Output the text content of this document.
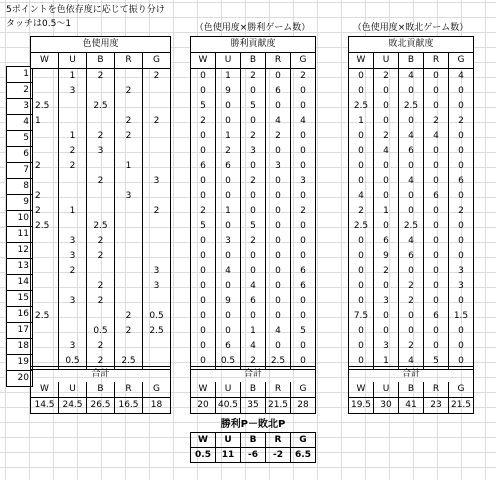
5ポイントを色依存度に応じて振り分け
タッチは0.5～1	（色使用度×勝利ゲーム数）	（色使用度×敗北ゲーム数）
1
2
3
4
5
6
7
8
9
10
11
12
13
14
15
16
17
18
19
20
色使用度				
W	U	B	R	G
	1	2		2
	3		2	
2.5		2.5		
1			2	2
	1	2	2	
	2	3		
2	2		1	
		2		3
2			3	
2	1			2
2.5		2.5		
	3	2		
	3	2		
	2			3
		2		3
	3	2		
2.5			2	0.5
		0.5	2	2.5
	3	2		
	0.5	2	2.5	
勝利貢献度				
W	U	B	R	G
0	1	2	0	2
0	9	0	6	0
5	0	5	0	0
2	0	0	4	4
0	1	2	2	0
0	2	3	0	0
6	6	0	3	0
0	0	2	0	3
0	0	0	0	0
2	1	0	0	2
5	0	5	0	0
0	3	2	0	0
0	0	0	0	0
0	4	0	0	6
0	0	4	0	6
0	9	6	0	0
0	0	0	0	0
0	0	1	4	5
0	6	4	0	0
0	0.5	2	2.5	0
敗北貢献度				
W	U	B	R	G
0	2	4	0	4
0	0	0	0	0
2.5	0	2.5	0	0
1	0	0	2	2
0	2	4	4	0
0	4	6	0	0
0	0	0	0	0
0	0	4	0	6
4	0	0	6	0
2	1	0	0	2
2.5	0	2.5	0	0
0	6	4	0	0
0	9	6	0	0
0	2	0	0	3
0	0	2	0	3
0	3	2	0	0
7.5	0	0	6	1.5
0	0	0	0	0
0	3	2	0	0
0	1	4	5	0
合計				
W	U	B	R	G
14.5	24.5	26.5	16.5	18
合計				
W	U	B	R	G
20	40.5	35	21.5	28
合計				
W	U	B	R	G
19.5	30	41	23	21.5
勝利P－敗北P				
W	U	B	R	G
0.5	11	-6	-2	6.5
